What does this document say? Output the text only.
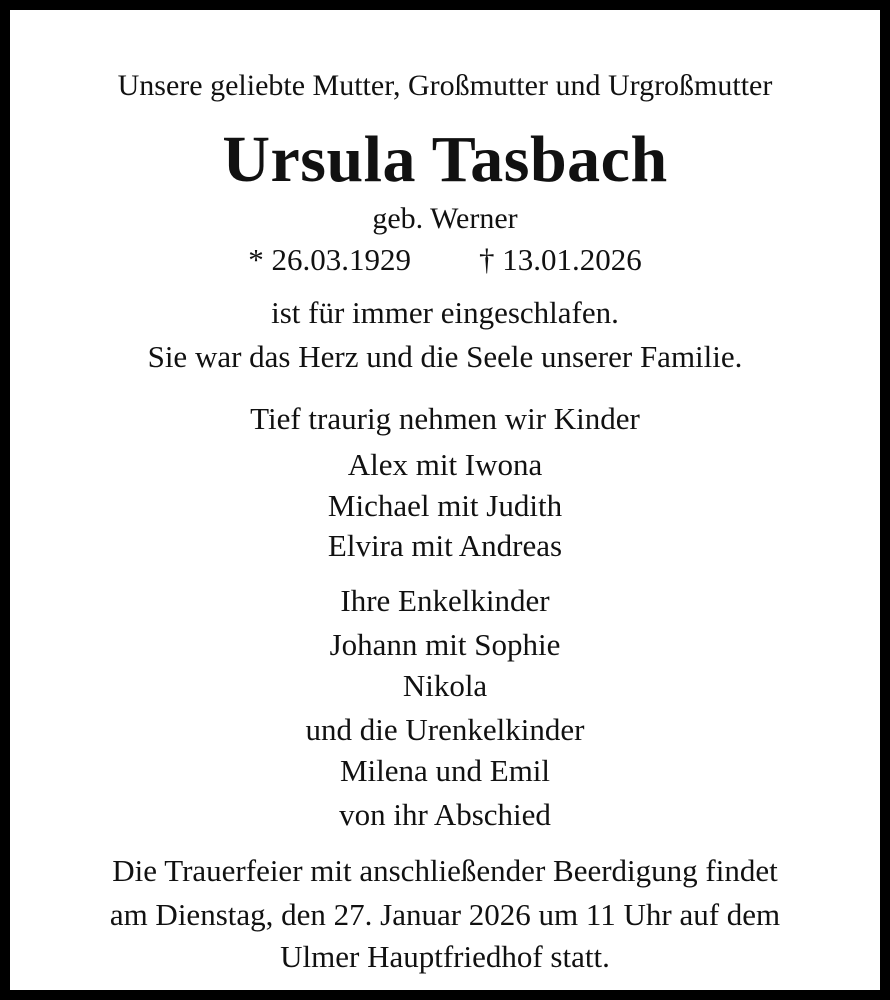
Unsere geliebte Mutter, Großmutter und Urgroßmutter
Ursula Tasbach
geb. Werner
* 26.03.1929 † 13.01.2026
ist für immer eingeschlafen.
Sie war das Herz und die Seele unserer Familie.
Tief traurig nehmen wir Kinder
Alex mit Iwona
Michael mit Judith
Elvira mit Andreas
Ihre Enkelkinder
Johann mit Sophie
Nikola
und die Urenkelkinder
Milena und Emil
von ihr Abschied
Die Trauerfeier mit anschließender Beerdigung findet
am Dienstag, den 27. Januar 2026 um 11 Uhr auf dem
Ulmer Hauptfriedhof statt.
